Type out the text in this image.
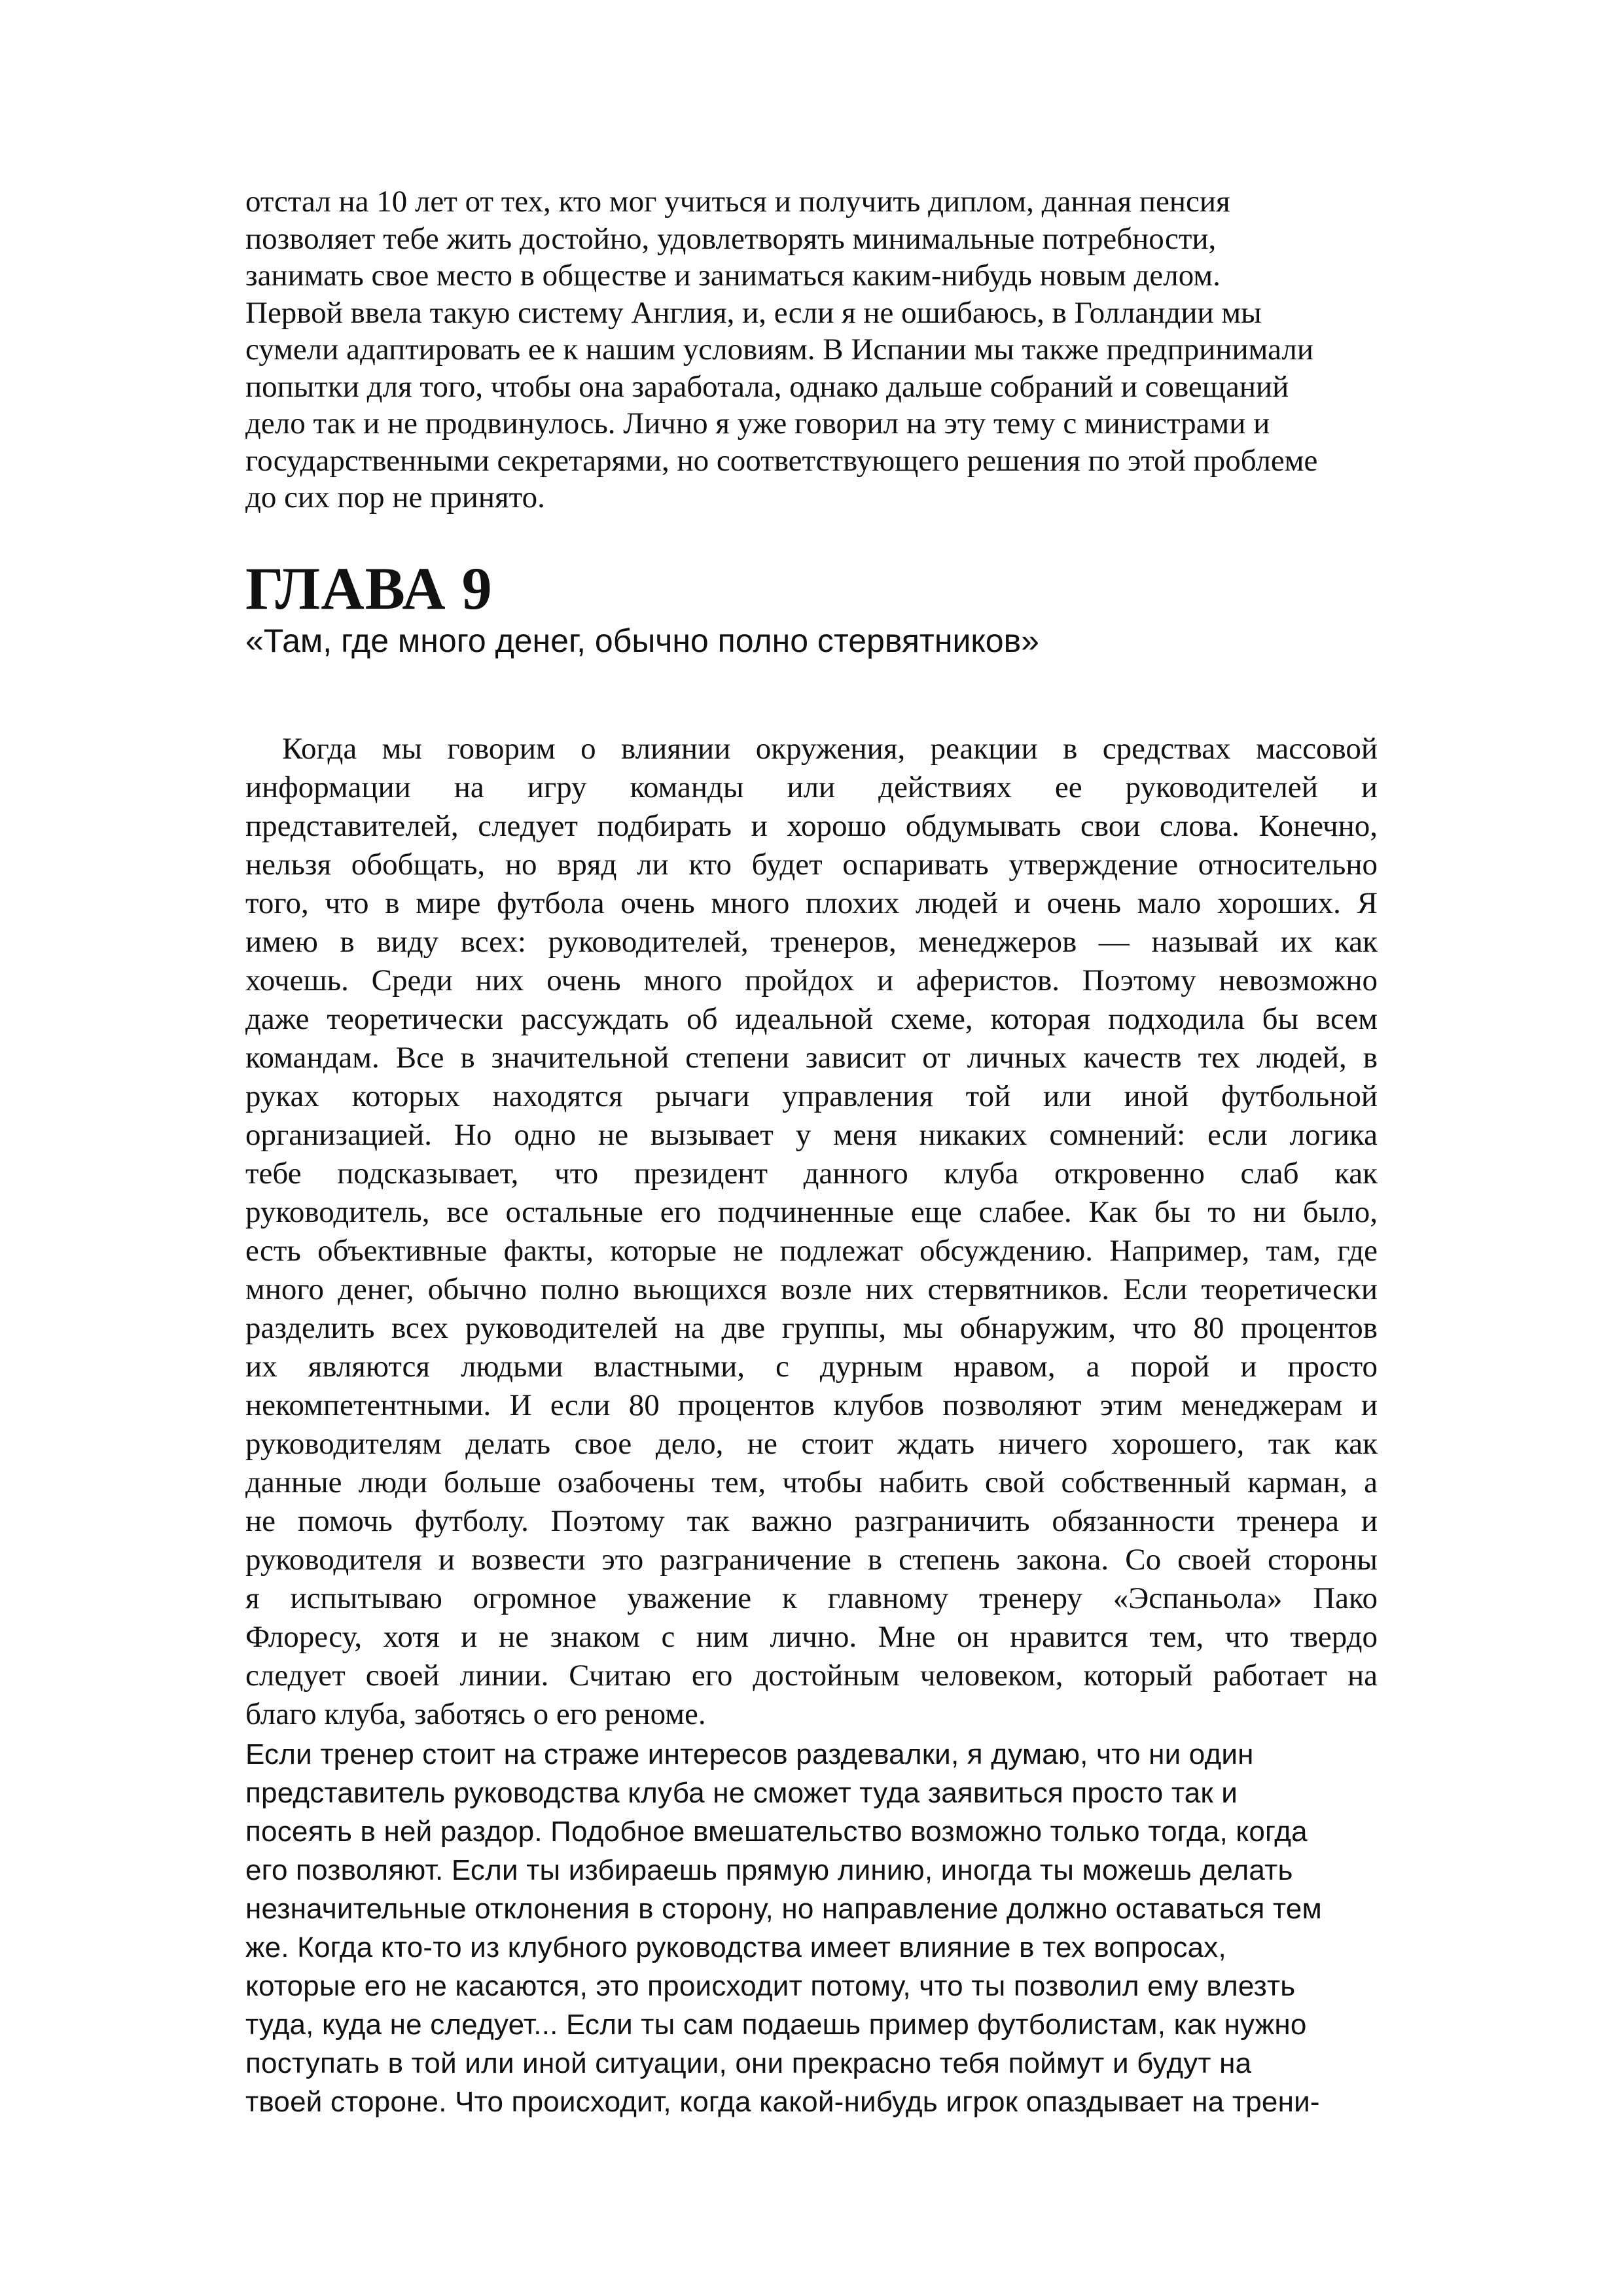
отстал на 10 лет от тех, кто мог учиться и получить диплом, данная пенсия
позволяет тебе жить достойно, удовлетворять минимальные потребности,
занимать свое место в обществе и заниматься каким-нибудь новым делом.
Первой ввела такую систему Англия, и, если я не ошибаюсь, в Голландии мы
сумели адаптировать ее к нашим условиям. В Испании мы также предпринимали
попытки для того, чтобы она заработала, однако дальше собраний и совещаний
дело так и не продвинулось. Лично я уже говорил на эту тему с министрами и
государственными секретарями, но соответствующего решения по этой проблеме
до сих пор не принято.
ГЛАВА 9
«Там, где много денег, обычно полно стервятников»
Когда мы говорим о влиянии окружения, реакции в средствах массовой
информации на игру команды или действиях ее руководителей и
представителей, следует подбирать и хорошо обдумывать свои слова. Конечно,
нельзя обобщать, но вряд ли кто будет оспаривать утверждение относительно
того, что в мире футбола очень много плохих людей и очень мало хороших. Я
имею в виду всех: руководителей, тренеров, менеджеров — называй их как
хочешь. Среди них очень много пройдох и аферистов. Поэтому невозможно
даже теоретически рассуждать об идеальной схеме, которая подходила бы всем
командам. Все в значительной степени зависит от личных качеств тех людей, в
руках которых находятся рычаги управления той или иной футбольной
организацией. Но одно не вызывает у меня никаких сомнений: если логика
тебе подсказывает, что президент данного клуба откровенно слаб как
руководитель, все остальные его подчиненные еще слабее. Как бы то ни было,
есть объективные факты, которые не подлежат обсуждению. Например, там, где
много денег, обычно полно вьющихся возле них стервятников. Если теоретически
разделить всех руководителей на две группы, мы обнаружим, что 80 процентов
их являются людьми властными, с дурным нравом, а порой и просто
некомпетентными. И если 80 процентов клубов позволяют этим менеджерам и
руководителям делать свое дело, не стоит ждать ничего хорошего, так как
данные люди больше озабочены тем, чтобы набить свой собственный карман, а
не помочь футболу. Поэтому так важно разграничить обязанности тренера и
руководителя и возвести это разграничение в степень закона. Со своей стороны
я испытываю огромное уважение к главному тренеру «Эспаньола» Пако
Флоресу, хотя и не знаком с ним лично. Мне он нравится тем, что твердо
следует своей линии. Считаю его достойным человеком, который работает на
благо клуба, заботясь о его реноме.
Если тренер стоит на страже интересов раздевалки, я думаю, что ни один
представитель руководства клуба не сможет туда заявиться просто так и
посеять в ней раздор. Подобное вмешательство возможно только тогда, когда
его позволяют. Если ты избираешь прямую линию, иногда ты можешь делать
незначительные отклонения в сторону, но направление должно оставаться тем
же. Когда кто-то из клубного руководства имеет влияние в тех вопросах,
которые его не касаются, это происходит потому, что ты позволил ему влезть
туда, куда не следует... Если ты сам подаешь пример футболистам, как нужно
поступать в той или иной ситуации, они прекрасно тебя поймут и будут на
твоей стороне. Что происходит, когда какой-нибудь игрок опаздывает на трени-
